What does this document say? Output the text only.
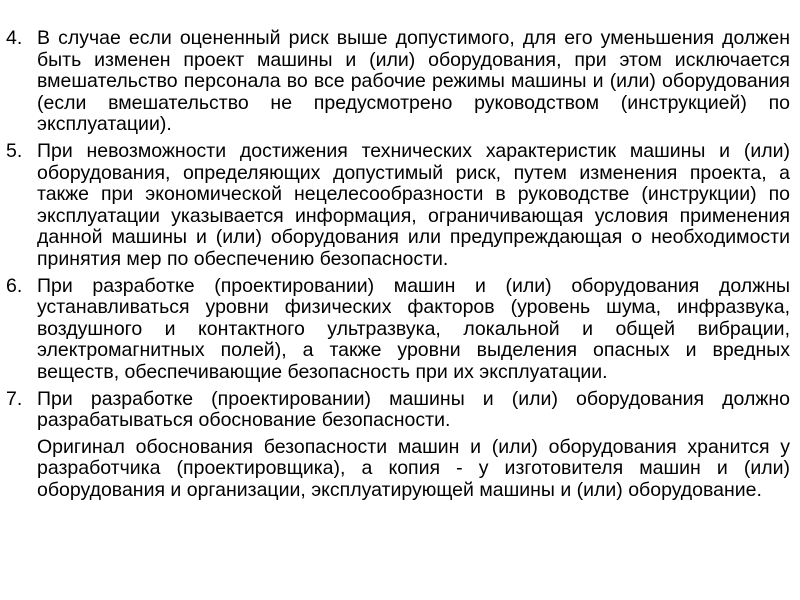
4. В случае если оцененный риск выше допустимого, для его уменьшения должен быть изменен проект машины и (или) оборудования, при этом исключается вмешательство персонала во все рабочие режимы машины и (или) оборудования (если вмешательство не предусмотрено руководством (инструкцией) по эксплуатации).

5. При невозможности достижения технических характеристик машины и (или) оборудования, определяющих допустимый риск, путем изменения проекта, а также при экономической нецелесообразности в руководстве (инструкции) по эксплуатации указывается информация, ограничивающая условия применения данной машины и (или) оборудования или предупреждающая о необходимости принятия мер по обеспечению безопасности.

6. При разработке (проектировании) машин и (или) оборудования должны устанавливаться уровни физических факторов (уровень шума, инфразвука, воздушного и контактного ультразвука, локальной и общей вибрации, электромагнитных полей), а также уровни выделения опасных и вредных веществ, обеспечивающие безопасность при их эксплуатации.

7. При разработке (проектировании) машины и (или) оборудования должно разрабатываться обоснование безопасности.

Оригинал обоснования безопасности машин и (или) оборудования хранится у разработчика (проектировщика), а копия - у изготовителя машин и (или) оборудования и организации, эксплуатирующей машины и (или) оборудование.
